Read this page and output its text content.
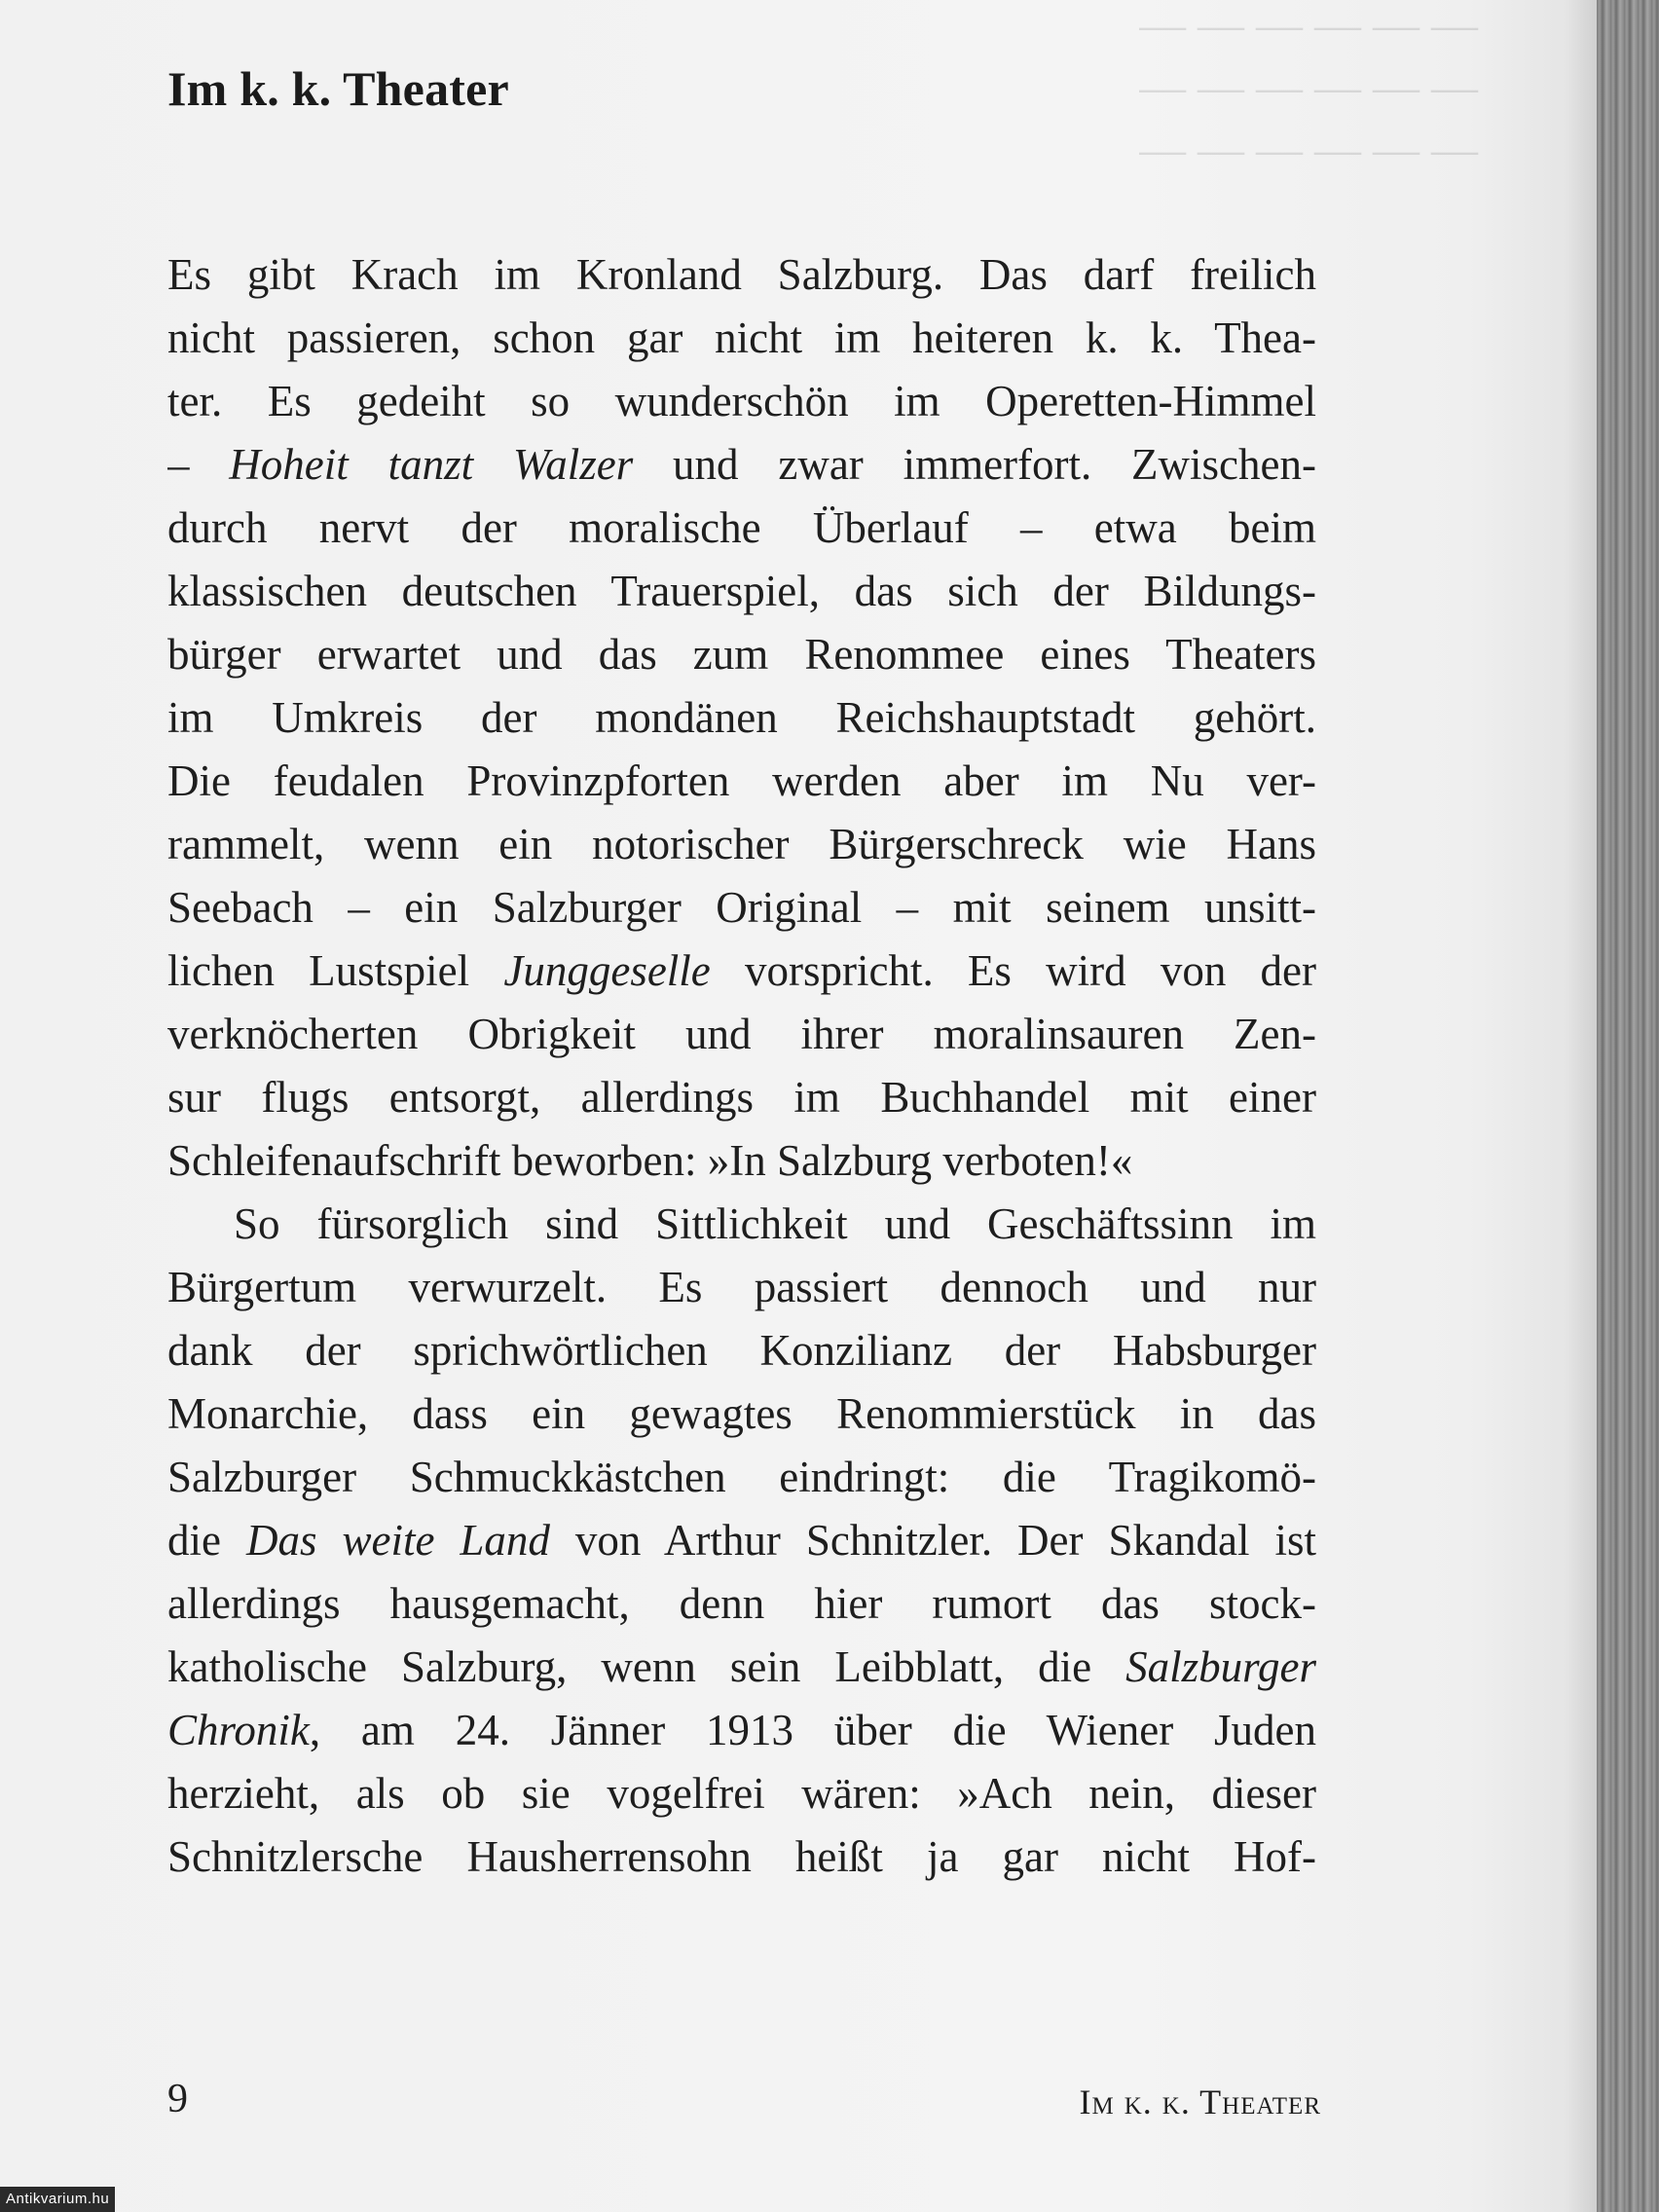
— — — — — —
— — — — — —
— — — — — —
Im k. k. Theater
Es gibt Krach im Kronland Salzburg. Das darf freilich
nicht passieren, schon gar nicht im heiteren k. k. Thea-
ter. Es gedeiht so wunderschön im Operetten-Himmel
– Hoheit tanzt Walzer und zwar immerfort. Zwischen-
durch nervt der moralische Überlauf – etwa beim
klassischen deutschen Trauerspiel, das sich der Bildungs-
bürger erwartet und das zum Renommee eines Theaters
im Umkreis der mondänen Reichshauptstadt gehört.
Die feudalen Provinzpforten werden aber im Nu ver-
rammelt, wenn ein notorischer Bürgerschreck wie Hans
Seebach – ein Salzburger Original – mit seinem unsitt-
lichen Lustspiel Junggeselle vorspricht. Es wird von der
verknöcherten Obrigkeit und ihrer moralinsauren Zen-
sur flugs entsorgt, allerdings im Buchhandel mit einer
Schleifenaufschrift beworben: »In Salzburg verboten!«
So fürsorglich sind Sittlichkeit und Geschäftssinn im
Bürgertum verwurzelt. Es passiert dennoch und nur
dank der sprichwörtlichen Konzilianz der Habsburger
Monarchie, dass ein gewagtes Renommierstück in das
Salzburger Schmuckkästchen eindringt: die Tragikomö-
die Das weite Land von Arthur Schnitzler. Der Skandal ist
allerdings hausgemacht, denn hier rumort das stock-
katholische Salzburg, wenn sein Leibblatt, die Salzburger
Chronik, am 24. Jänner 1913 über die Wiener Juden
herzieht, als ob sie vogelfrei wären: »Ach nein, dieser
Schnitzlersche Hausherrensohn heißt ja gar nicht Hof-
9	Im k. k. Theater
Antikvarium.hu
